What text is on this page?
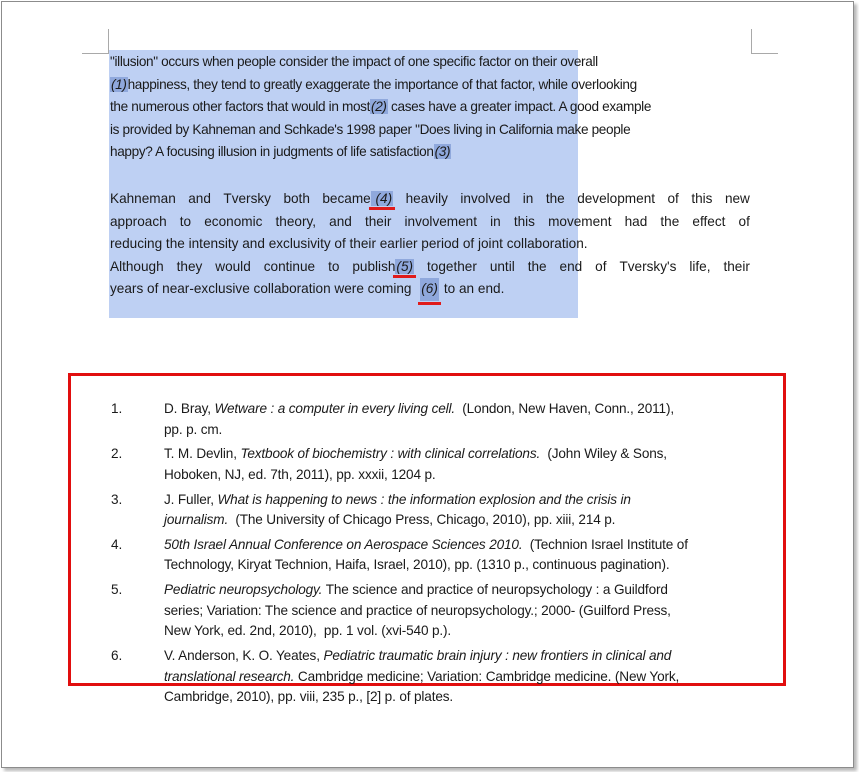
"illusion" occurs when people consider the impact of one specific factor on their overall
(1)happiness, they tend to greatly exaggerate the importance of that factor, while overlooking
the numerous other factors that would in most(2) cases have a greater impact. A good example
is provided by Kahneman and Schkade's 1998 paper "Does living in California make people
happy? A focusing illusion in judgments of life satisfaction(3)
Kahneman and Tversky both became (4) heavily involved in the development of this new
approach to economic theory, and their involvement in this movement had the effect of
reducing the intensity and exclusivity of their earlier period of joint collaboration.
Although they would continue to publish(5) together until the end of Tversky's life, their
years of near-exclusive collaboration were coming (6) to an end.
1.	D. Bray, Wetware : a computer in every living cell.  (London, New Haven, Conn., 2011),
pp. p. cm.
2.	T. M. Devlin, Textbook of biochemistry : with clinical correlations.  (John Wiley & Sons,
Hoboken, NJ, ed. 7th, 2011), pp. xxxii, 1204 p.
3.	J. Fuller, What is happening to news : the information explosion and the crisis in
journalism.  (The University of Chicago Press, Chicago, 2010), pp. xiii, 214 p.
4.	50th Israel Annual Conference on Aerospace Sciences 2010.  (Technion Israel Institute of
Technology, Kiryat Technion, Haifa, Israel, 2010), pp. (1310 p., continuous pagination).
5.	Pediatric neuropsychology. The science and practice of neuropsychology : a Guildford
series; Variation: The science and practice of neuropsychology.; 2000- (Guilford Press,
New York, ed. 2nd, 2010),  pp. 1 vol. (xvi-540 p.).
6.	V. Anderson, K. O. Yeates, Pediatric traumatic brain injury : new frontiers in clinical and
translational research. Cambridge medicine; Variation: Cambridge medicine. (New York,
Cambridge, 2010), pp. viii, 235 p., [2] p. of plates.
